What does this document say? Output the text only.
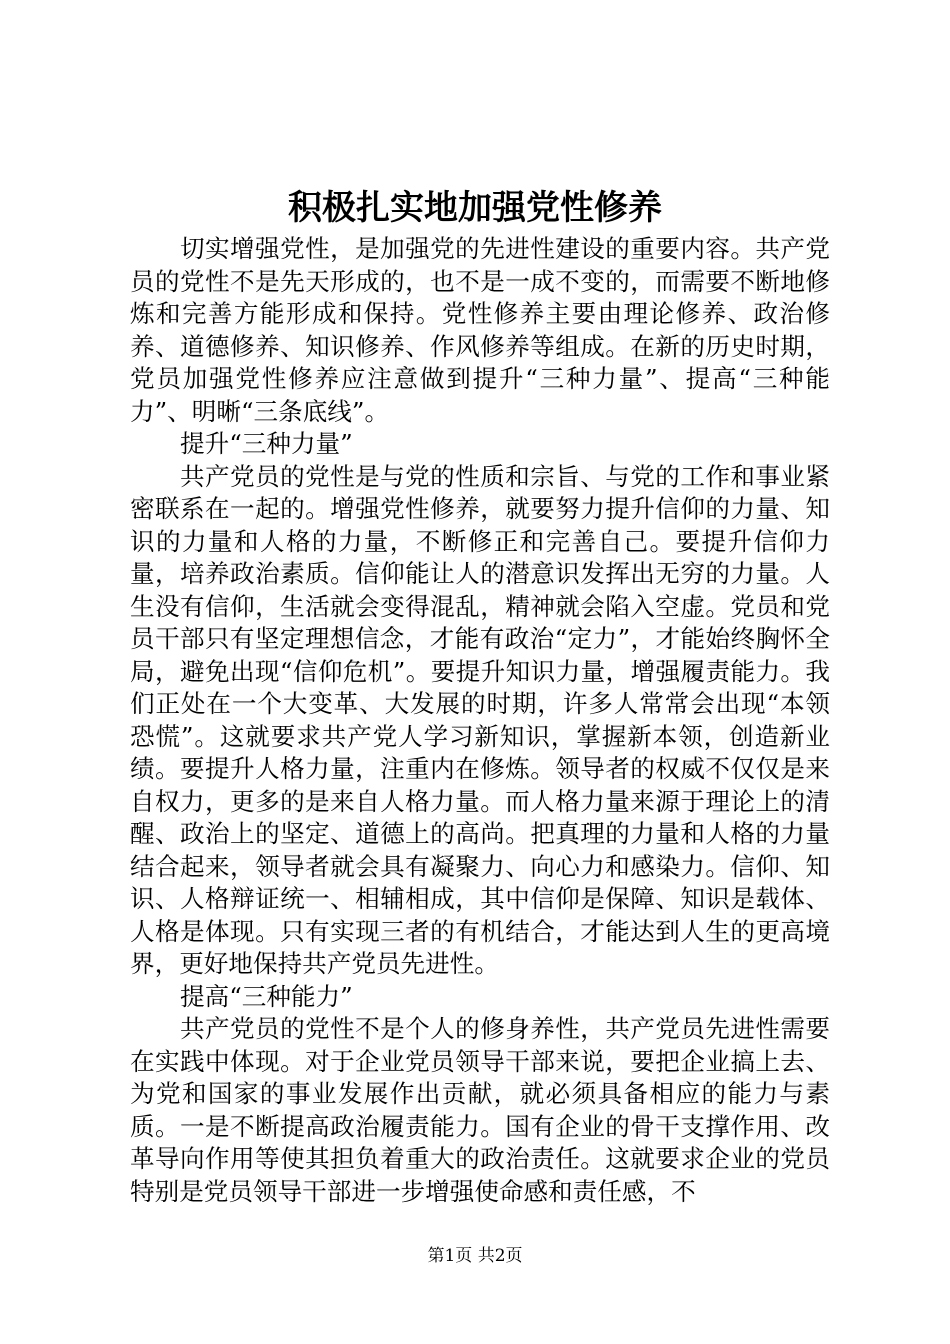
积极扎实地加强党性修养

切实增强党性，是加强党的先进性建设的重要内容。共产党员的党性不是先天形成的，也不是一成不变的，而需要不断地修炼和完善方能形成和保持。党性修养主要由理论修养、政治修养、道德修养、知识修养、作风修养等组成。在新的历史时期，党员加强党性修养应注意做到提升“三种力量”、提高“三种能力”、明晰“三条底线”。

提升“三种力量”

共产党员的党性是与党的性质和宗旨、与党的工作和事业紧密联系在一起的。增强党性修养，就要努力提升信仰的力量、知识的力量和人格的力量，不断修正和完善自己。要提升信仰力量，培养政治素质。信仰能让人的潜意识发挥出无穷的力量。人生没有信仰，生活就会变得混乱，精神就会陷入空虚。党员和党员干部只有坚定理想信念，才能有政治“定力”，才能始终胸怀全局，避免出现“信仰危机”。要提升知识力量，增强履责能力。我们正处在一个大变革、大发展的时期，许多人常常会出现“本领恐慌”。这就要求共产党人学习新知识，掌握新本领，创造新业绩。要提升人格力量，注重内在修炼。领导者的权威不仅仅是来自权力，更多的是来自人格力量。而人格力量来源于理论上的清醒、政治上的坚定、道德上的高尚。把真理的力量和人格的力量结合起来，领导者就会具有凝聚力、向心力和感染力。信仰、知识、人格辩证统一、相辅相成，其中信仰是保障、知识是载体、人格是体现。只有实现三者的有机结合，才能达到人生的更高境界，更好地保持共产党员先进性。

提高“三种能力”

共产党员的党性不是个人的修身养性，共产党员先进性需要在实践中体现。对于企业党员领导干部来说，要把企业搞上去、为党和国家的事业发展作出贡献，就必须具备相应的能力与素质。一是不断提高政治履责能力。国有企业的骨干支撑作用、改革导向作用等使其担负着重大的政治责任。这就要求企业的党员特别是党员领导干部进一步增强使命感和责任感，不

第1页 共2页
